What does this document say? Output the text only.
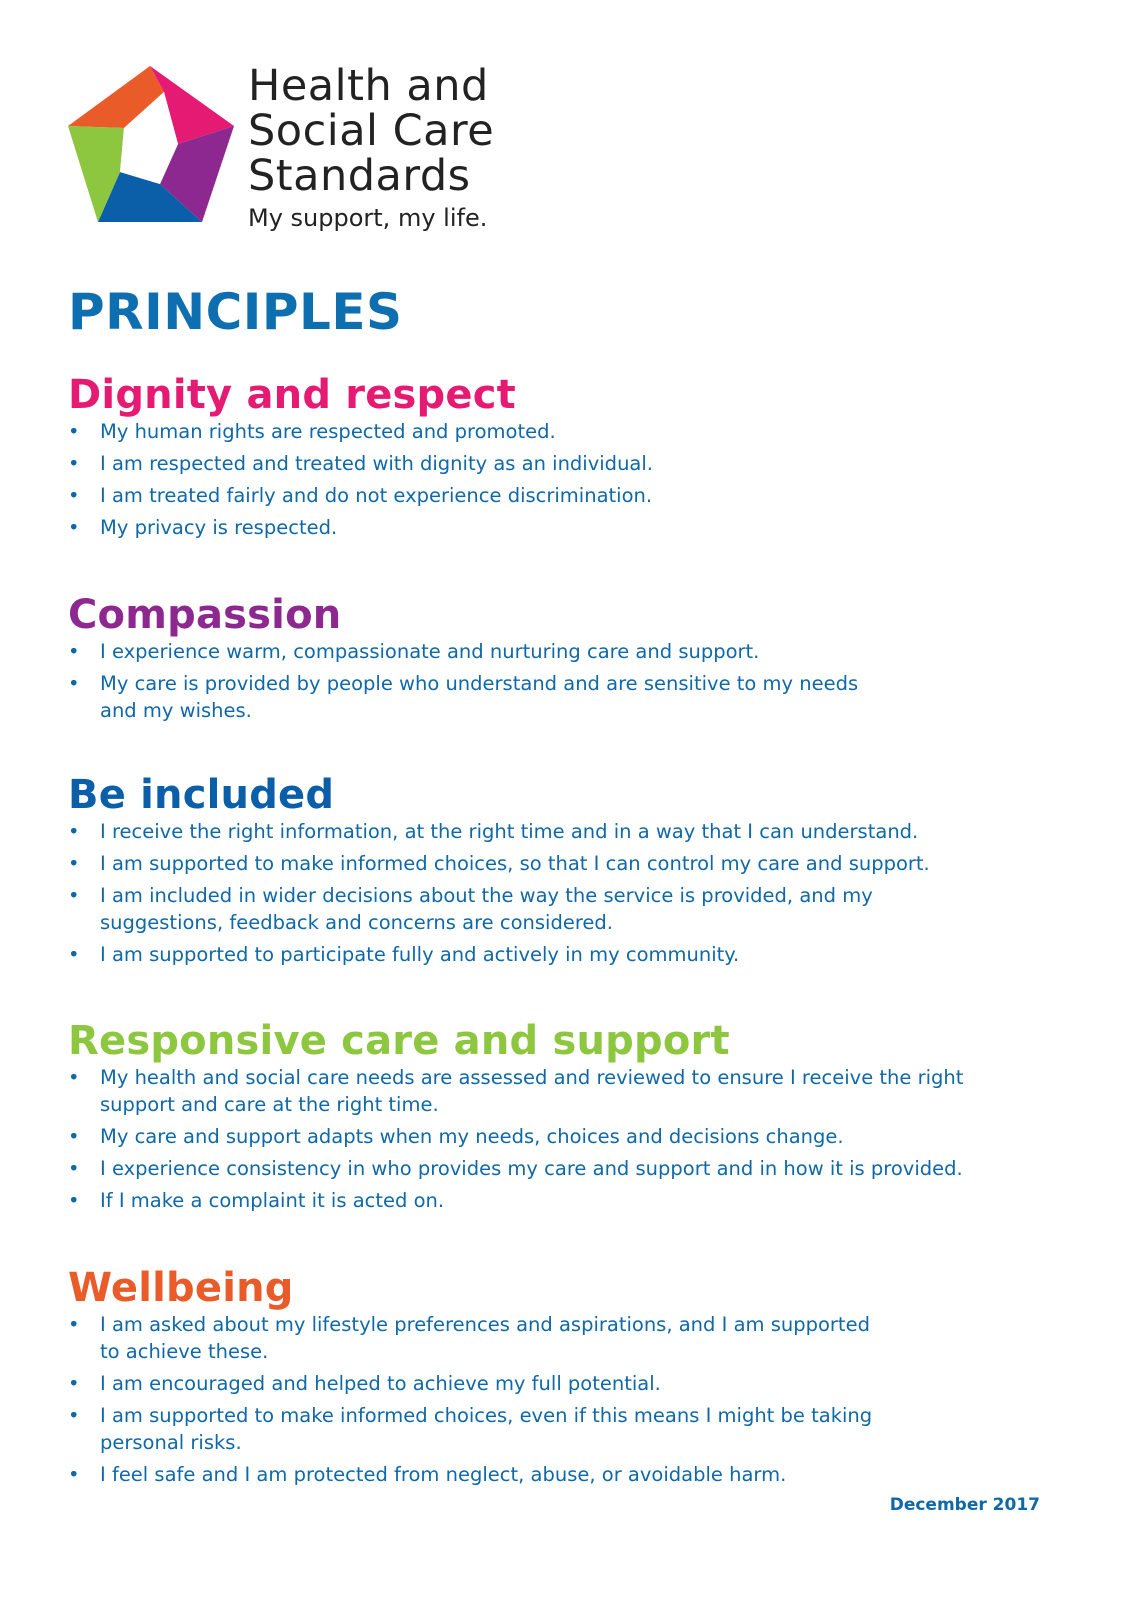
Health and
Social Care
Standards
My support, my life.
PRINCIPLES
Dignity and respect
• My human rights are respected and promoted.
• I am respected and treated with dignity as an individual.
• I am treated fairly and do not experience discrimination.
• My privacy is respected.
Compassion
• I experience warm, compassionate and nurturing care and support.
• My care is provided by people who understand and are sensitive to my needs
and my wishes.
Be included
• I receive the right information, at the right time and in a way that I can understand.
• I am supported to make informed choices, so that I can control my care and support.
• I am included in wider decisions about the way the service is provided, and my
suggestions, feedback and concerns are considered.
• I am supported to participate fully and actively in my community.
Responsive care and support
• My health and social care needs are assessed and reviewed to ensure I receive the right
support and care at the right time.
• My care and support adapts when my needs, choices and decisions change.
• I experience consistency in who provides my care and support and in how it is provided.
• If I make a complaint it is acted on.
Wellbeing
• I am asked about my lifestyle preferences and aspirations, and I am supported
to achieve these.
• I am encouraged and helped to achieve my full potential.
• I am supported to make informed choices, even if this means I might be taking
personal risks.
• I feel safe and I am protected from neglect, abuse, or avoidable harm.
December 2017
